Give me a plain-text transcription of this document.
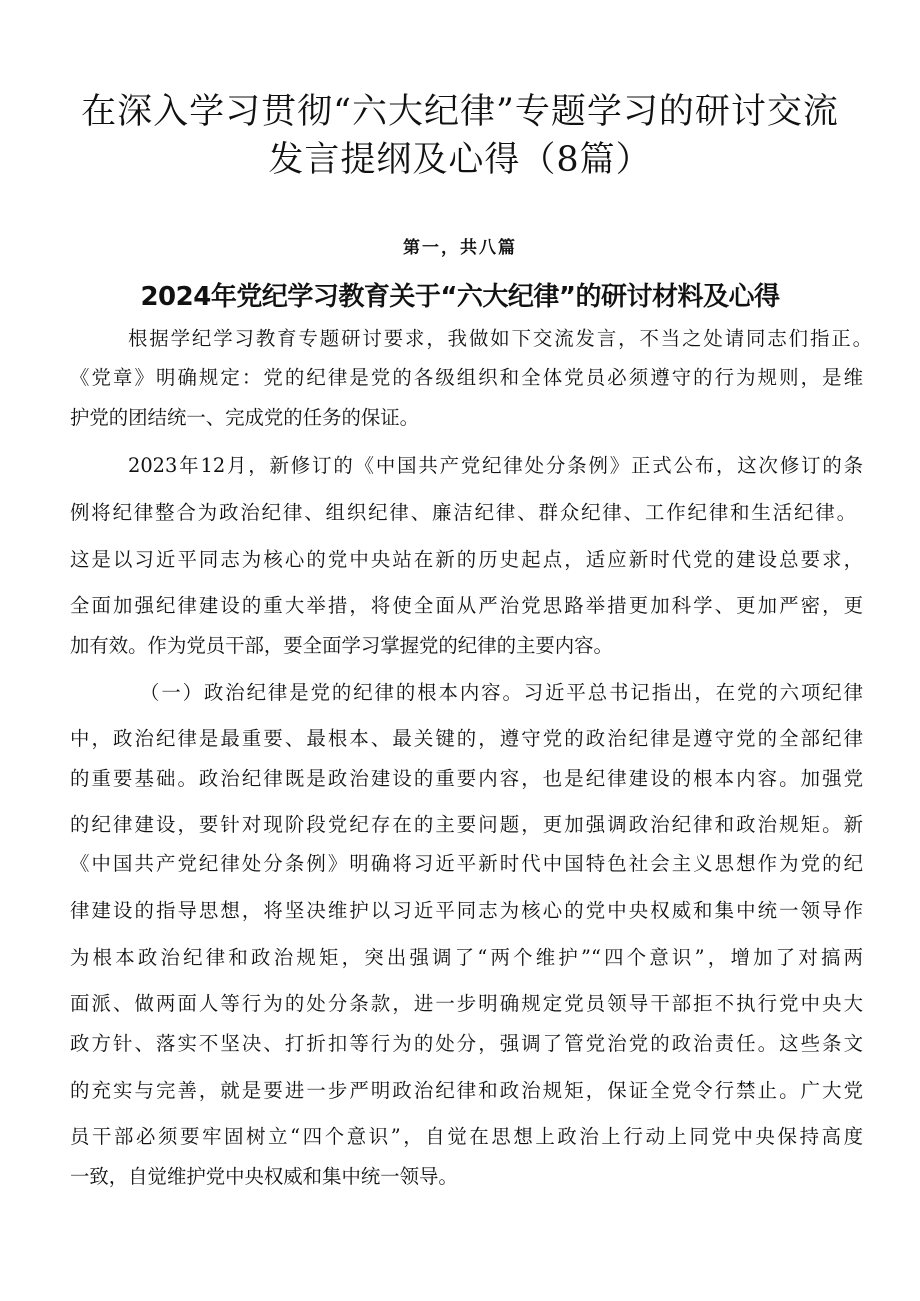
在深入学习贯彻“六大纪律”专题学习的研讨交流
发言提纲及心得（8篇）
第一，共八篇
2024年党纪学习教育关于“六大纪律”的研讨材料及心得
根据学纪学习教育专题研讨要求，我做如下交流发言，不当之处请同志们指正。
《党章》明确规定：党的纪律是党的各级组织和全体党员必须遵守的行为规则，是维
护党的团结统一、完成党的任务的保证。
2023年12月，新修订的《中国共产党纪律处分条例》正式公布，这次修订的条
例将纪律整合为政治纪律、组织纪律、廉洁纪律、群众纪律、工作纪律和生活纪律。
这是以习近平同志为核心的党中央站在新的历史起点，适应新时代党的建设总要求，
全面加强纪律建设的重大举措，将使全面从严治党思路举措更加科学、更加严密，更
加有效。作为党员干部，要全面学习掌握党的纪律的主要内容。
（一）政治纪律是党的纪律的根本内容。习近平总书记指出，在党的六项纪律
中，政治纪律是最重要、最根本、最关键的，遵守党的政治纪律是遵守党的全部纪律
的重要基础。政治纪律既是政治建设的重要内容，也是纪律建设的根本内容。加强党
的纪律建设，要针对现阶段党纪存在的主要问题，更加强调政治纪律和政治规矩。新
《中国共产党纪律处分条例》明确将习近平新时代中国特色社会主义思想作为党的纪
律建设的指导思想，将坚决维护以习近平同志为核心的党中央权威和集中统一领导作
为根本政治纪律和政治规矩，突出强调了“两个维护”“四个意识”，增加了对搞两
面派、做两面人等行为的处分条款，进一步明确规定党员领导干部拒不执行党中央大
政方针、落实不坚决、打折扣等行为的处分，强调了管党治党的政治责任。这些条文
的充实与完善，就是要进一步严明政治纪律和政治规矩，保证全党令行禁止。广大党
员干部必须要牢固树立“四个意识”，自觉在思想上政治上行动上同党中央保持高度
一致，自觉维护党中央权威和集中统一领导。
